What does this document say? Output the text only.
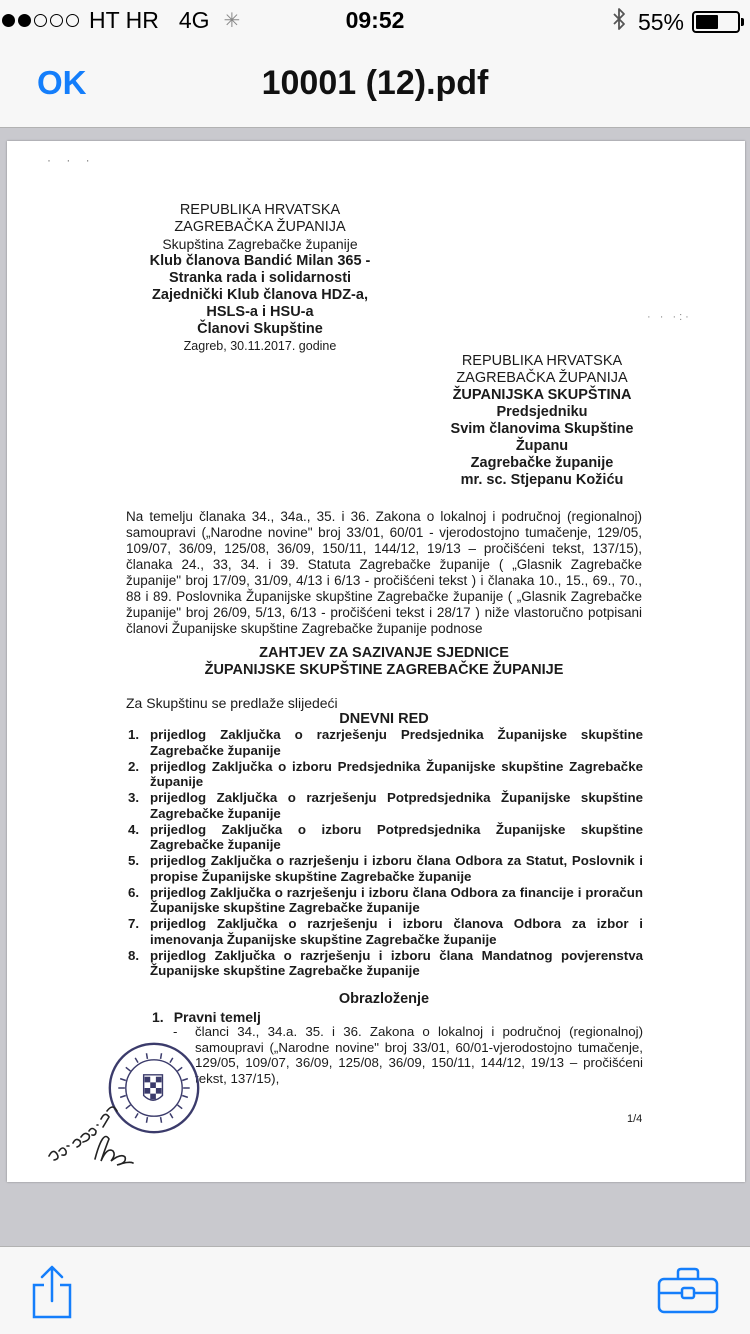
HT HR 4G ✳	09:52	55%
OK	10001 (12).pdf
· · ·
· · ·:·
REPUBLIKA HRVATSKA
ZAGREBAČKA ŽUPANIJA
Skupština Zagrebačke županije
Klub članova Bandić Milan 365 -
Stranka rada i solidarnosti
Zajednički Klub članova HDZ-a,
HSLS-a i HSU-a
Članovi Skupštine
Zagreb, 30.11.2017. godine
REPUBLIKA HRVATSKA
ZAGREBAČKA ŽUPANIJA
ŽUPANIJSKA SKUPŠTINA
Predsjedniku
Svim članovima Skupštine
Županu
Zagrebačke županije
mr. sc. Stjepanu Kožiću
Na temelju članaka 34., 34a., 35. i 36. Zakona o lokalnoj i područnoj (regionalnoj) samoupravi („Narodne novine" broj 33/01, 60/01 - vjerodostojno tumačenje, 129/05, 109/07, 36/09, 125/08, 36/09, 150/11, 144/12, 19/13 – pročišćeni tekst, 137/15), članaka 24., 33, 34. i 39. Statuta Zagrebačke županije ( „Glasnik Zagrebačke županije" broj 17/09, 31/09, 4/13 i 6/13 - pročišćeni tekst ) i članaka 10., 15., 69., 70., 88 i 89. Poslovnika Županijske skupštine Zagrebačke županije ( „Glasnik Zagrebačke županije" broj 26/09, 5/13, 6/13 - pročišćeni tekst i 28/17 ) niže vlastoručno potpisani članovi Županijske skupštine Zagrebačke županije podnose
ZAHTJEV ZA SAZIVANJE SJEDNICE
ŽUPANIJSKE SKUPŠTINE ZAGREBAČKE ŽUPANIJE
Za Skupštinu se predlaže slijedeći
DNEVNI RED
1. prijedlog Zaključka o razrješenju Predsjednika Županijske skupštine Zagrebačke županije
2. prijedlog Zaključka o izboru Predsjednika Županijske skupštine Zagrebačke županije
3. prijedlog Zaključka o razrješenju Potpredsjednika Županijske skupštine Zagrebačke županije
4. prijedlog Zaključka o izboru Potpredsjednika Županijske skupštine Zagrebačke županije
5. prijedlog Zaključka o razrješenju i izboru člana Odbora za Statut, Poslovnik i propise Županijske skupštine Zagrebačke županije
6. prijedlog Zaključka o razrješenju i izboru člana Odbora za financije i proračun Županijske skupštine Zagrebačke županije
7. prijedlog Zaključka o razrješenju i izboru članova Odbora za izbor i imenovanja Županijske skupštine Zagrebačke županije
8. prijedlog Zaključka o razrješenju i izboru člana Mandatnog povjerenstva Županijske skupštine Zagrebačke županije
Obrazloženje
1. Pravni temelj
- članci 34., 34.a. 35. i 36. Zakona o lokalnoj i područnoj (regionalnoj) samoupravi („Narodne novine" broj 33/01, 60/01-vjerodostojno tumačenje, 129/05, 109/07, 36/09, 125/08, 36/09, 150/11, 144/12, 19/13 – pročišćeni tekst, 137/15),
1/4
